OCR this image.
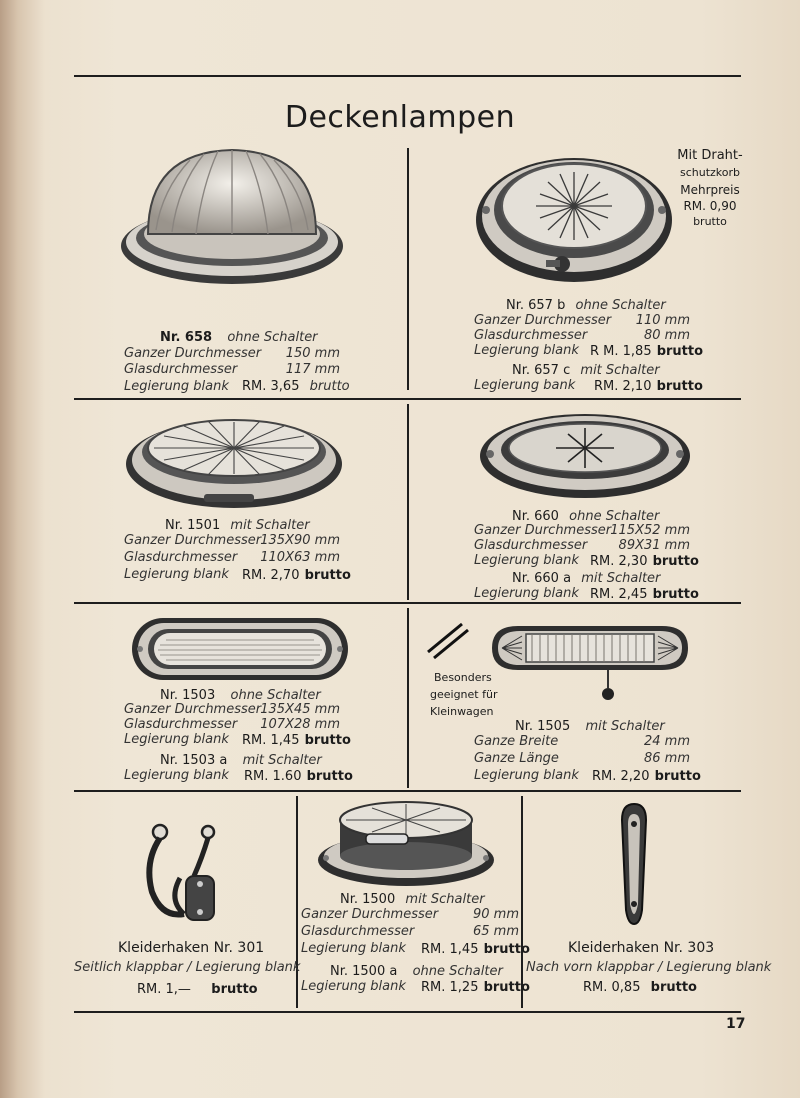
Deckenlampen
Nr. 658 ohne Schalter
Ganzer Durchmesser	150 mm
Glasdurchmesser	117 mm
Legierung blank RM. 3,65 brutto
Mit Draht-
schutzkorb
Mehrpreis
RM. 0,90
brutto
Nr. 657 b ohne Schalter
Ganzer Durchmesser	110 mm
Glasdurchmesser	80 mm
Legierung blank R M. 1,85 brutto
Nr. 657 c mit Schalter
Legierung bank RM. 2,10 brutto
Nr. 1501 mit Schalter
Ganzer Durchmesser 135X90 mm
Glasdurchmesser	110X63 mm
Legierung blank RM. 2,70 brutto
Nr. 660 ohne Schalter
Ganzer Durchmesser 115X52 mm
Glasdurchmesser	89X31 mm
Legierung blank RM. 2,30 brutto
Nr. 660 a mit Schalter
Legierung blank RM. 2,45 brutto
Nr. 1503 ohne Schalter
Ganzer Durchmesser 135X45 mm
Glasdurchmesser	107X28 mm
Legierung blank RM. 1,45 brutto
Nr. 1503 a mit Schalter
Legierung blank RM. 1.60 brutto
Besonders
geeignet für
Kleinwagen
Nr. 1505 mit Schalter
Ganze Breite	24 mm
Ganze Länge	86 mm
Legierung blank RM. 2,20 brutto
Kleiderhaken Nr. 301
Seitlich klappbar / Legierung blank
RM. 1,— brutto
Nr. 1500 mit Schalter
Ganzer Durchmesser	90 mm
Glasdurchmesser	65 mm
Legierung blank RM. 1,45 brutto
Nr. 1500 a ohne Schalter
Legierung blank RM. 1,25 brutto
Kleiderhaken Nr. 303
Nach vorn klappbar / Legierung blank
RM. 0,85 brutto
17
